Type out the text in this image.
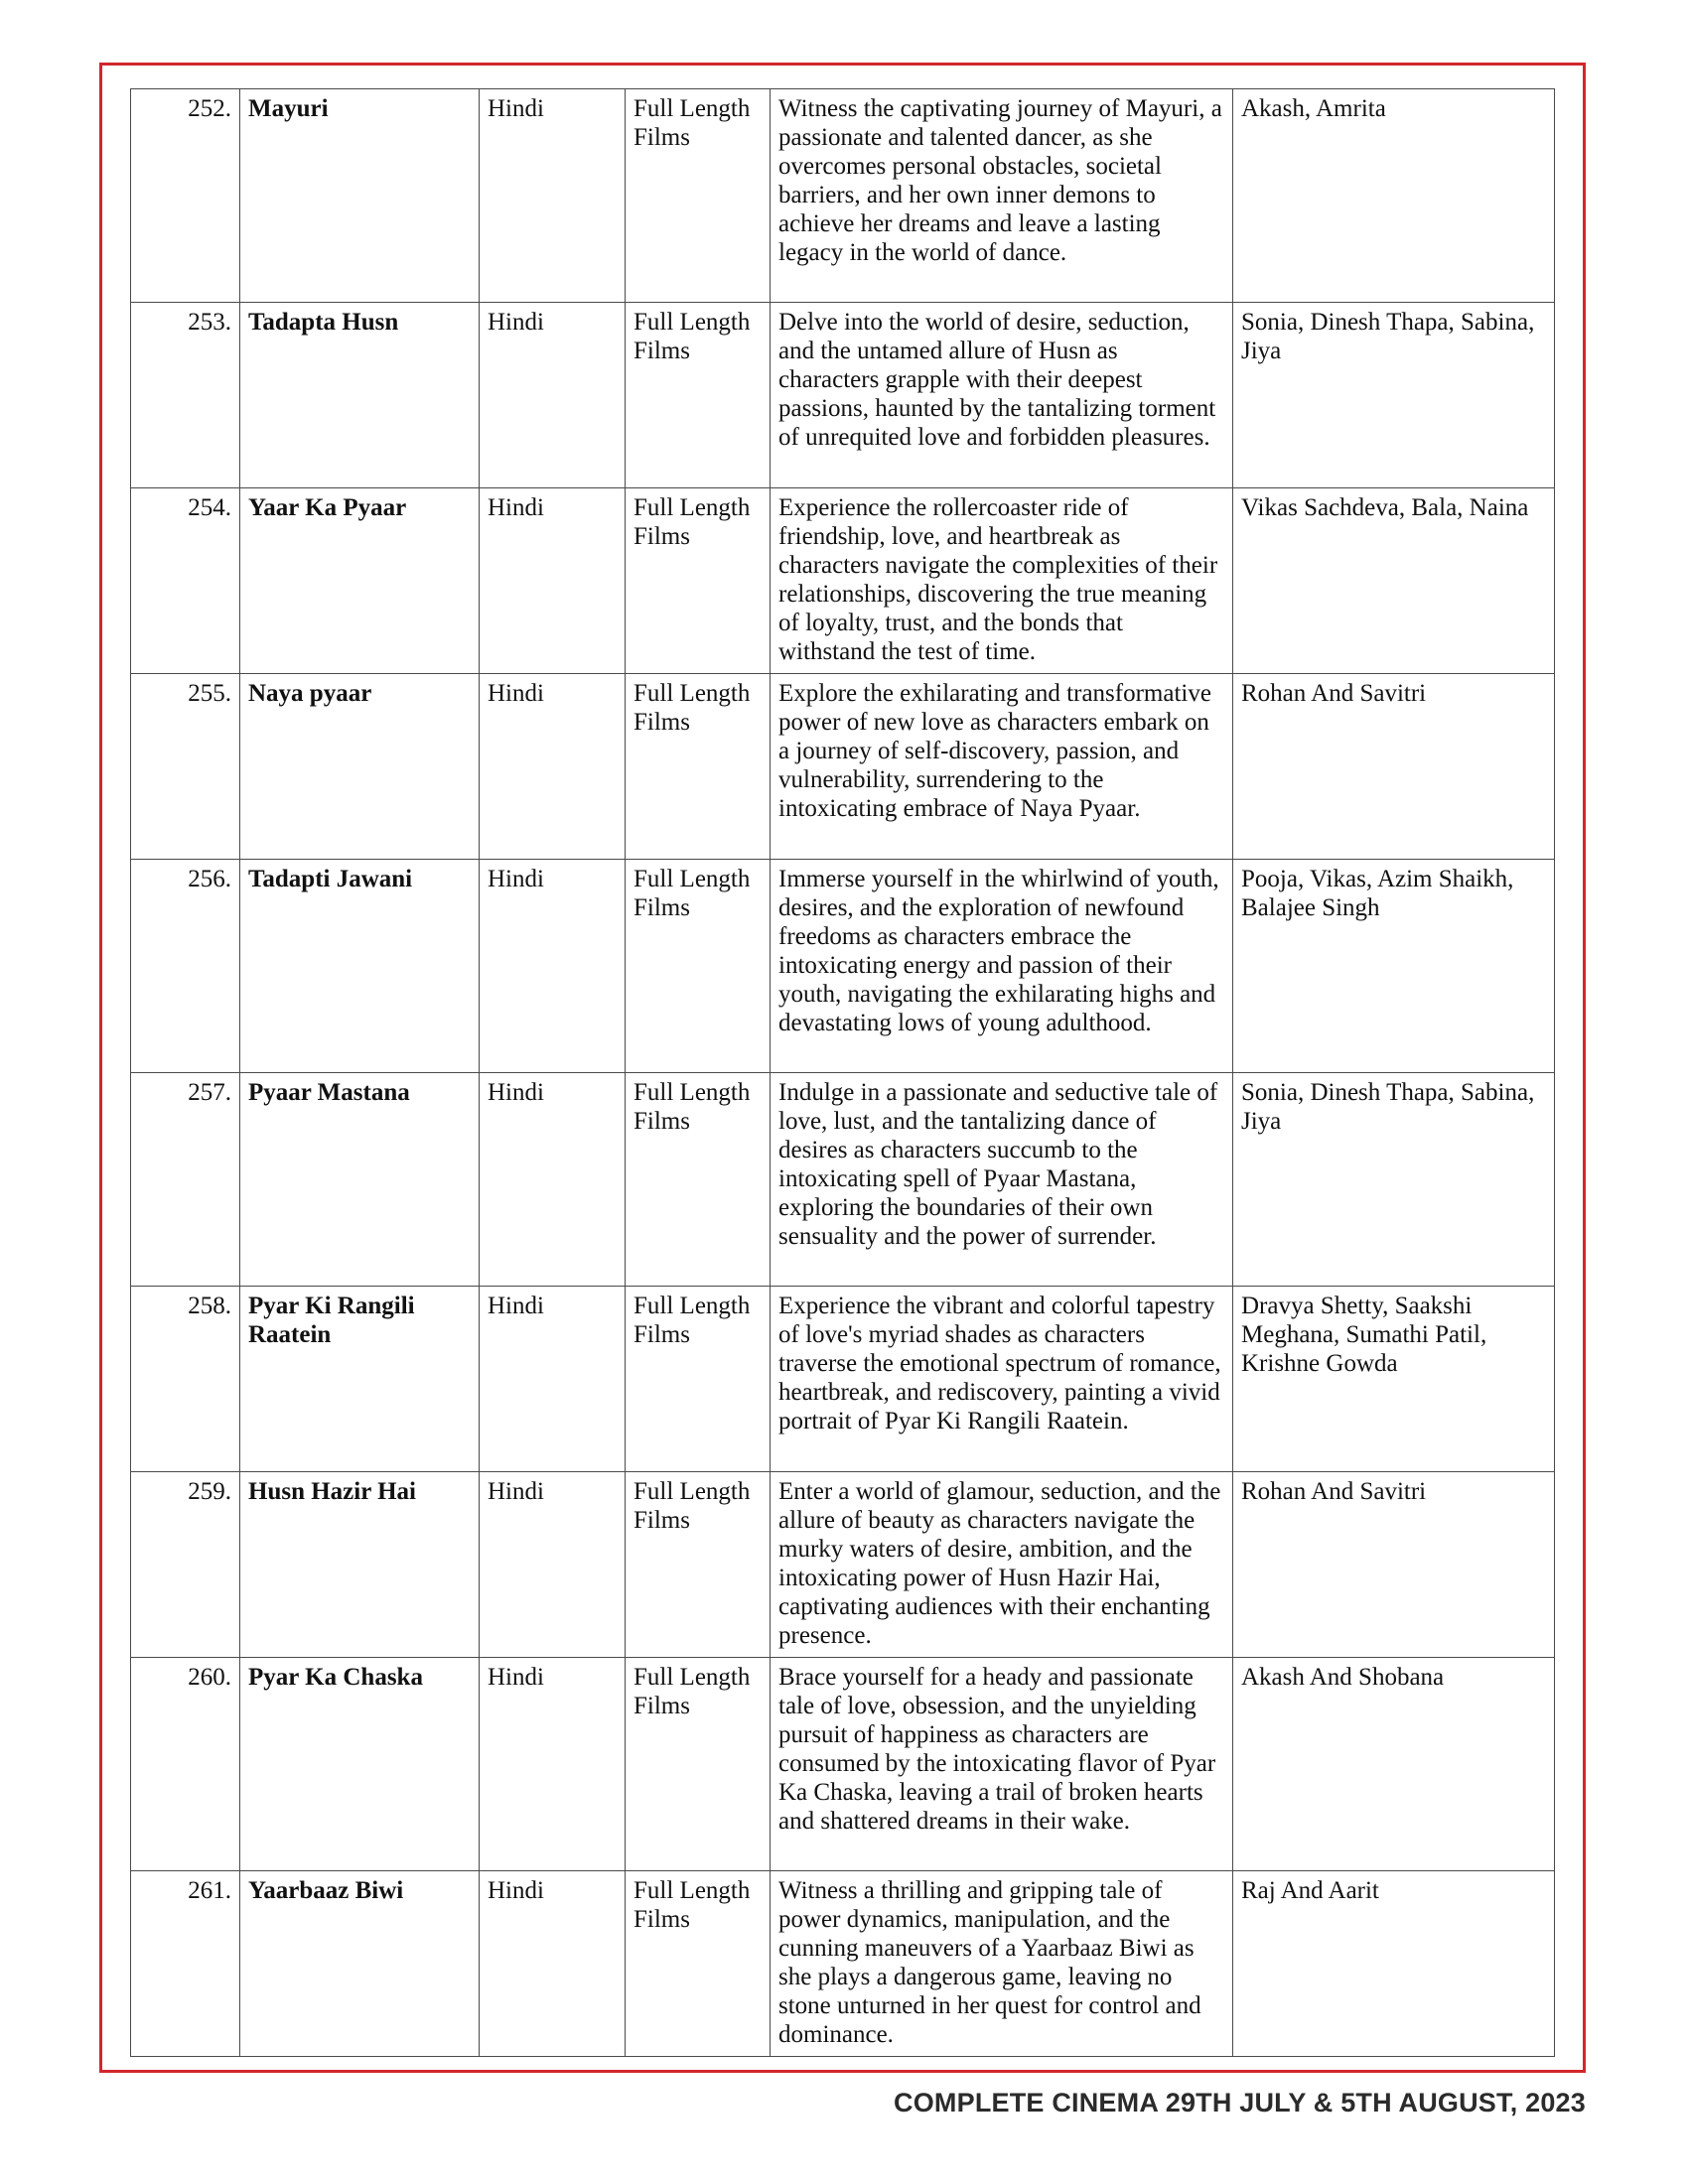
252.	Mayuri	Hindi	Full Length Films	Witness the captivating journey of Mayuri, a passionate and talented dancer, as she overcomes personal obstacles, societal barriers, and her own inner demons to achieve her dreams and leave a lasting legacy in the world of dance.	Akash, Amrita
253.	Tadapta Husn	Hindi	Full Length Films	Delve into the world of desire, seduction, and the untamed allure of Husn as characters grapple with their deepest passions, haunted by the tantalizing torment of unrequited love and forbidden pleasures.	Sonia, Dinesh Thapa, Sabina, Jiya
254.	Yaar Ka Pyaar	Hindi	Full Length Films	Experience the rollercoaster ride of friendship, love, and heartbreak as characters navigate the complexities of their relationships, discovering the true meaning of loyalty, trust, and the bonds that withstand the test of time.	Vikas Sachdeva, Bala, Naina
255.	Naya pyaar	Hindi	Full Length Films	Explore the exhilarating and transformative power of new love as characters embark on a journey of self-discovery, passion, and vulnerability, surrendering to the intoxicating embrace of Naya Pyaar.	Rohan And Savitri
256.	Tadapti Jawani	Hindi	Full Length Films	Immerse yourself in the whirlwind of youth, desires, and the exploration of newfound freedoms as characters embrace the intoxicating energy and passion of their youth, navigating the exhilarating highs and devastating lows of young adulthood.	Pooja, Vikas, Azim Shaikh, Balajee Singh
257.	Pyaar Mastana	Hindi	Full Length Films	Indulge in a passionate and seductive tale of love, lust, and the tantalizing dance of desires as characters succumb to the intoxicating spell of Pyaar Mastana, exploring the boundaries of their own sensuality and the power of surrender.	Sonia, Dinesh Thapa, Sabina, Jiya
258.	Pyar Ki Rangili Raatein	Hindi	Full Length Films	Experience the vibrant and colorful tapestry of love's myriad shades as characters traverse the emotional spectrum of romance, heartbreak, and rediscovery, painting a vivid portrait of Pyar Ki Rangili Raatein.	Dravya Shetty, Saakshi Meghana, Sumathi Patil, Krishne Gowda
259.	Husn Hazir Hai	Hindi	Full Length Films	Enter a world of glamour, seduction, and the allure of beauty as characters navigate the murky waters of desire, ambition, and the intoxicating power of Husn Hazir Hai, captivating audiences with their enchanting presence.	Rohan And Savitri
260.	Pyar Ka Chaska	Hindi	Full Length Films	Brace yourself for a heady and passionate tale of love, obsession, and the unyielding pursuit of happiness as characters are consumed by the intoxicating flavor of Pyar Ka Chaska, leaving a trail of broken hearts and shattered dreams in their wake.	Akash And Shobana
261.	Yaarbaaz Biwi	Hindi	Full Length Films	Witness a thrilling and gripping tale of power dynamics, manipulation, and the cunning maneuvers of a Yaarbaaz Biwi as she plays a dangerous game, leaving no stone unturned in her quest for control and dominance.	Raj And Aarit
COMPLETE CINEMA 29TH JULY & 5TH AUGUST, 2023
